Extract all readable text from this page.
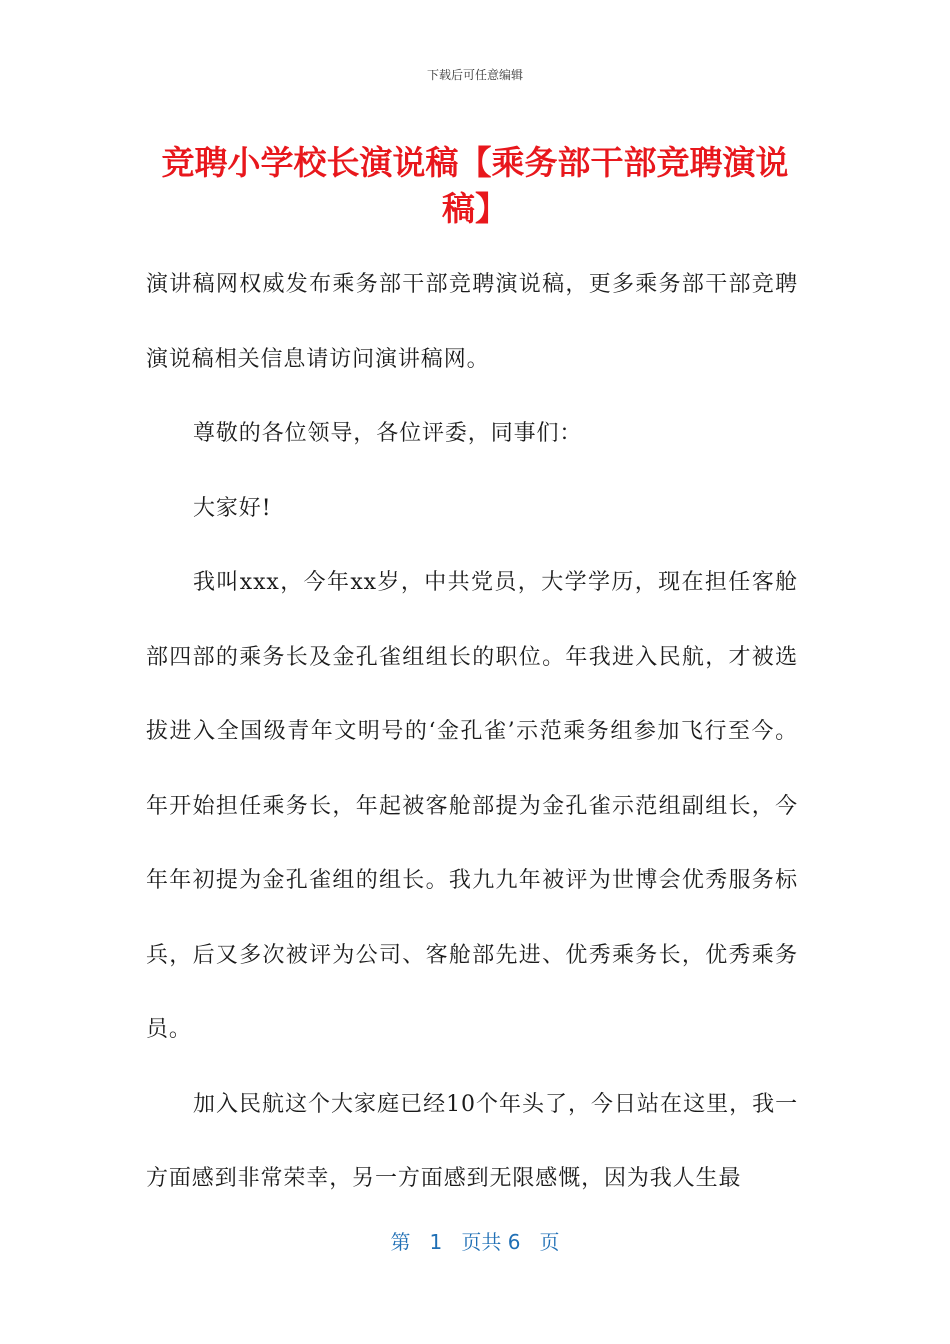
下载后可任意编辑
竞聘小学校长演说稿【乘务部干部竞聘演说稿】

演讲稿网权威发布乘务部干部竞聘演说稿，更多乘务部干部竞聘演说稿相关信息请访问演讲稿网。

尊敬的各位领导，各位评委，同事们：

大家好!

我叫xxx，今年xx岁，中共党员，大学学历，现在担任客舱部四部的乘务长及金孔雀组组长的职位。年我进入民航，才被选拔进入全国级青年文明号的‘金孔雀’示范乘务组参加飞行至今。年开始担任乘务长，年起被客舱部提为金孔雀示范组副组长，今年年初提为金孔雀组的组长。我九九年被评为世博会优秀服务标兵，后又多次被评为公司、客舱部先进、优秀乘务长，优秀乘务员。

加入民航这个大家庭已经10个年头了，今日站在这里，我一方面感到非常荣幸，另一方面感到无限感慨，因为我人生最

第 1 页共 6 页
